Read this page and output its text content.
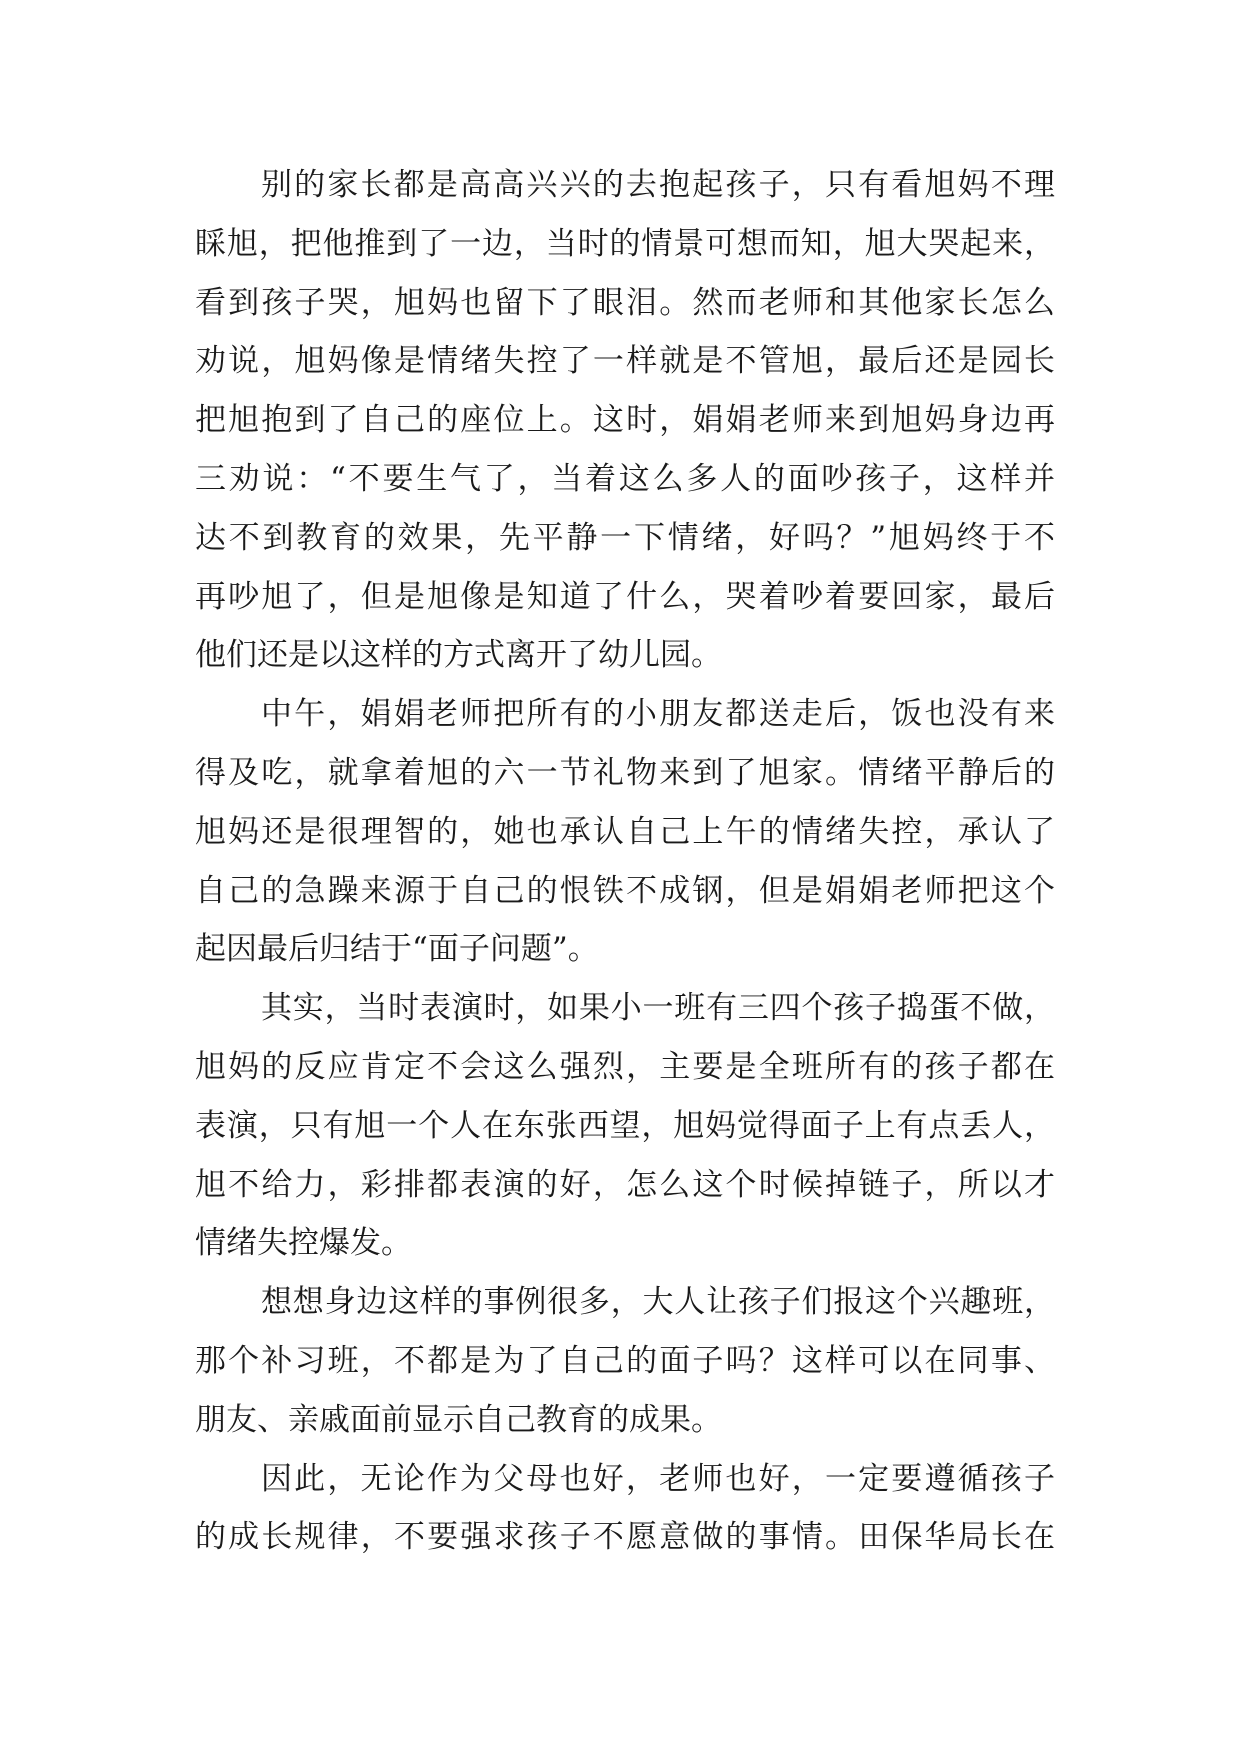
别的家长都是高高兴兴的去抱起孩子，只有看旭妈不理
睬旭，把他推到了一边，当时的情景可想而知，旭大哭起来，
看到孩子哭，旭妈也留下了眼泪。然而老师和其他家长怎么
劝说，旭妈像是情绪失控了一样就是不管旭，最后还是园长
把旭抱到了自己的座位上。这时，娟娟老师来到旭妈身边再
三劝说：“不要生气了，当着这么多人的面吵孩子，这样并
达不到教育的效果，先平静一下情绪，好吗？”旭妈终于不
再吵旭了，但是旭像是知道了什么，哭着吵着要回家，最后
他们还是以这样的方式离开了幼儿园。
中午，娟娟老师把所有的小朋友都送走后，饭也没有来
得及吃，就拿着旭的六一节礼物来到了旭家。情绪平静后的
旭妈还是很理智的，她也承认自己上午的情绪失控，承认了
自己的急躁来源于自己的恨铁不成钢，但是娟娟老师把这个
起因最后归结于“面子问题”。
其实，当时表演时，如果小一班有三四个孩子捣蛋不做，
旭妈的反应肯定不会这么强烈，主要是全班所有的孩子都在
表演，只有旭一个人在东张西望，旭妈觉得面子上有点丢人，
旭不给力，彩排都表演的好，怎么这个时候掉链子，所以才
情绪失控爆发。
想想身边这样的事例很多，大人让孩子们报这个兴趣班，
那个补习班，不都是为了自己的面子吗？这样可以在同事、
朋友、亲戚面前显示自己教育的成果。
因此，无论作为父母也好，老师也好，一定要遵循孩子
的成长规律，不要强求孩子不愿意做的事情。田保华局长在
